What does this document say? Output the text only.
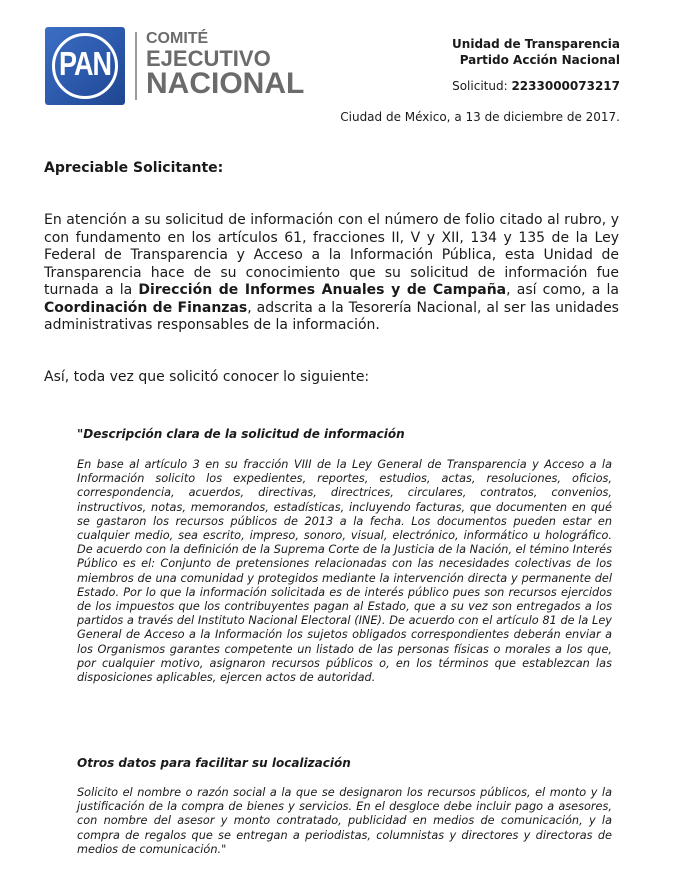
PAN
COMITÉ
EJECUTIVO
NACIONAL
Unidad de Transparencia
Partido Acción Nacional
Solicitud: 2233000073217
Ciudad de México, a 13 de diciembre de 2017.
Apreciable Solicitante:
En atención a su solicitud de información con el número de folio citado al rubro, y con fundamento en los artículos 61, fracciones II, V y XII, 134 y 135 de la Ley Federal de Transparencia y Acceso a la Información Pública, esta Unidad de Transparencia hace de su conocimiento que su solicitud de información fue turnada a la Dirección de Informes Anuales y de Campaña, así como, a la Coordinación de Finanzas, adscrita a la Tesorería Nacional, al ser las unidades administrativas responsables de la información.
Así, toda vez que solicitó conocer lo siguiente:
"Descripción clara de la solicitud de información
En base al artículo 3 en su fracción VIII de la Ley General de Transparencia y Acceso a la Información solicito los expedientes, reportes, estudios, actas, resoluciones, oficios, correspondencia, acuerdos, directivas, directrices, circulares, contratos, convenios, instructivos, notas, memorandos, estadísticas, incluyendo facturas, que documenten en qué se gastaron los recursos públicos de 2013 a la fecha. Los documentos pueden estar en cualquier medio, sea escrito, impreso, sonoro, visual, electrónico, informático u holográfico. De acuerdo con la definición de la Suprema Corte de la Justicia de la Nación, el témino Interés Público es el: Conjunto de pretensiones relacionadas con las necesidades colectivas de los miembros de una comunidad y protegidos mediante la intervención directa y permanente del Estado. Por lo que la información solicitada es de interés público pues son recursos ejercidos de los impuestos que los contribuyentes pagan al Estado, que a su vez son entregados a los partidos a través del Instituto Nacional Electoral (INE). De acuerdo con el artículo 81 de la Ley General de Acceso a la Información los sujetos obligados correspondientes deberán enviar a los Organismos garantes competente un listado de las personas físicas o morales a los que, por cualquier motivo, asignaron recursos públicos o, en los términos que establezcan las disposiciones aplicables, ejercen actos de autoridad.
Otros datos para facilitar su localización
Solicito el nombre o razón social a la que se designaron los recursos públicos, el monto y la justificación de la compra de bienes y servicios. En el desgloce debe incluir pago a asesores, con nombre del asesor y monto contratado, publicidad en medios de comunicación, y la compra de regalos que se entregan a periodistas, columnistas y directores y directoras de medios de comunicación."
